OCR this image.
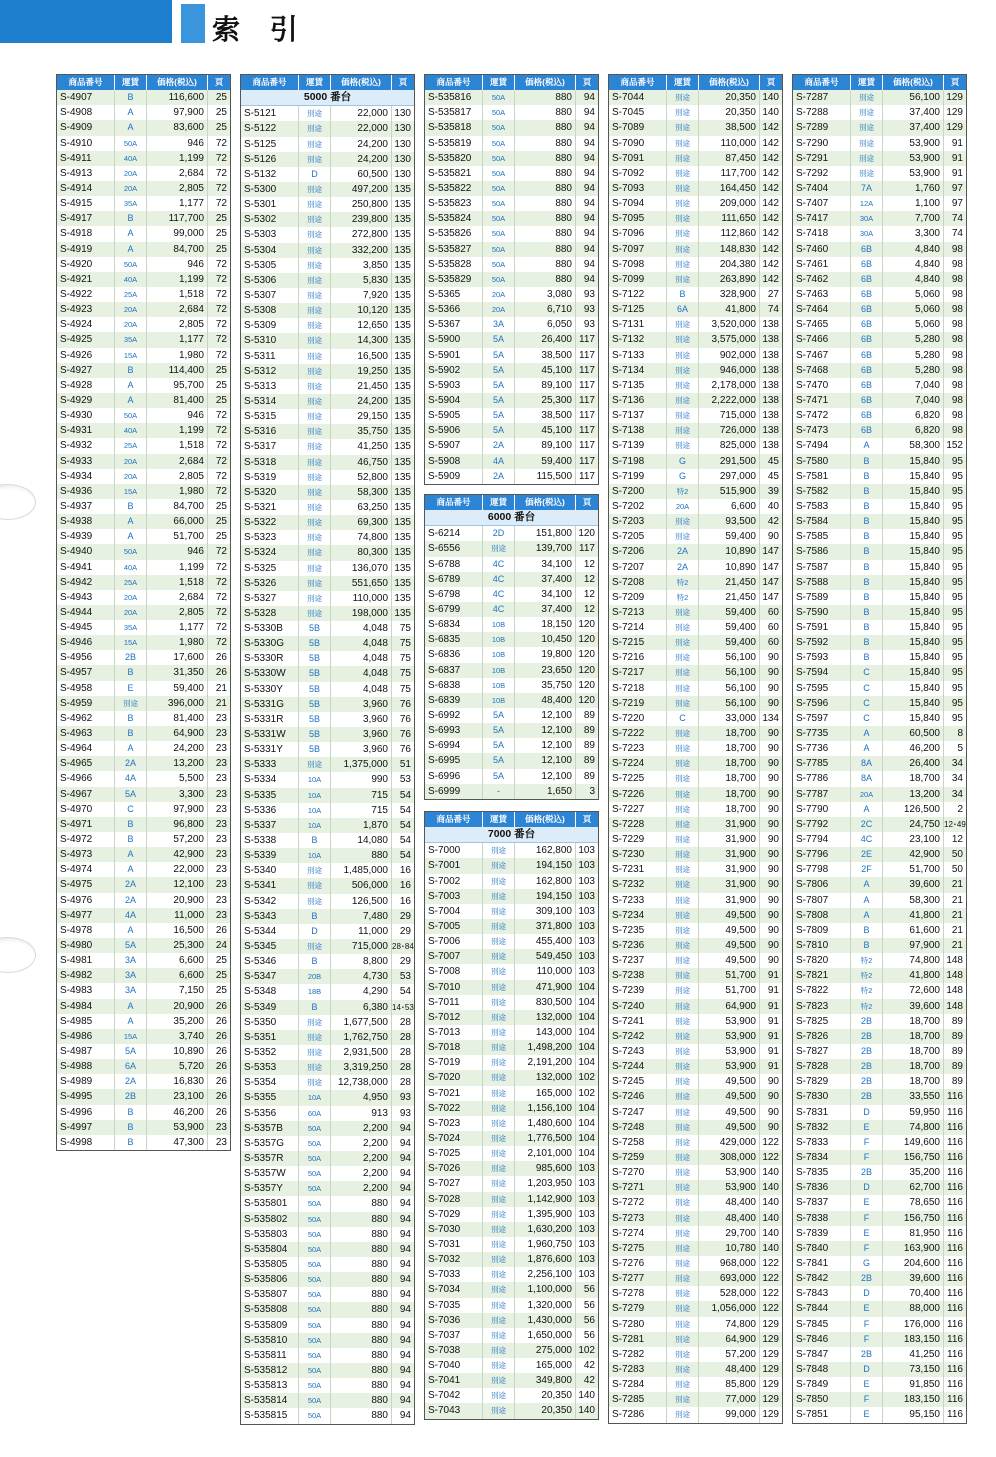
索 引
商品番号	運賃	価格(税込)	頁
S-4907	B	116,600	25
S-4908	A	97,900	25
S-4909	A	83,600	25
S-4910	50A	946	72
S-4911	40A	1,199	72
S-4913	20A	2,684	72
S-4914	20A	2,805	72
S-4915	35A	1,177	72
S-4917	B	117,700	25
S-4918	A	99,000	25
S-4919	A	84,700	25
S-4920	50A	946	72
S-4921	40A	1,199	72
S-4922	25A	1,518	72
S-4923	20A	2,684	72
S-4924	20A	2,805	72
S-4925	35A	1,177	72
S-4926	15A	1,980	72
S-4927	B	114,400	25
S-4928	A	95,700	25
S-4929	A	81,400	25
S-4930	50A	946	72
S-4931	40A	1,199	72
S-4932	25A	1,518	72
S-4933	20A	2,684	72
S-4934	20A	2,805	72
S-4936	15A	1,980	72
S-4937	B	84,700	25
S-4938	A	66,000	25
S-4939	A	51,700	25
S-4940	50A	946	72
S-4941	40A	1,199	72
S-4942	25A	1,518	72
S-4943	20A	2,684	72
S-4944	20A	2,805	72
S-4945	35A	1,177	72
S-4946	15A	1,980	72
S-4956	2B	17,600	26
S-4957	B	31,350	26
S-4958	E	59,400	21
S-4959	別途	396,000	21
S-4962	B	81,400	23
S-4963	B	64,900	23
S-4964	A	24,200	23
S-4965	2A	13,200	23
S-4966	4A	5,500	23
S-4967	5A	3,300	23
S-4970	C	97,900	23
S-4971	B	96,800	23
S-4972	B	57,200	23
S-4973	A	42,900	23
S-4974	A	22,000	23
S-4975	2A	12,100	23
S-4976	2A	20,900	23
S-4977	4A	11,000	23
S-4978	A	16,500	26
S-4980	5A	25,300	24
S-4981	3A	6,600	25
S-4982	3A	6,600	25
S-4983	3A	7,150	25
S-4984	A	20,900	26
S-4985	A	35,200	26
S-4986	15A	3,740	26
S-4987	5A	10,890	26
S-4988	6A	5,720	26
S-4989	2A	16,830	26
S-4995	2B	23,100	26
S-4996	B	46,200	26
S-4997	B	53,900	23
S-4998	B	47,300	23
商品番号	運賃	価格(税込)	頁
5000 番台
S-5121	別途	22,000 130
S-5122	別途	22,000 130
S-5125	別途	24,200 130
S-5126	別途	24,200 130
S-5132	D	60,500 130
S-5300	別途	497,200 135
S-5301	別途	250,800 135
S-5302	別途	239,800 135
S-5303	別途	272,800 135
S-5304	別途	332,200 135
S-5305	別途	3,850 135
S-5306	別途	5,830 135
S-5307	別途	7,920 135
S-5308	別途	10,120 135
S-5309	別途	12,650 135
S-5310	別途	14,300 135
S-5311	別途	16,500 135
S-5312	別途	19,250 135
S-5313	別途	21,450 135
S-5314	別途	24,200 135
S-5315	別途	29,150 135
S-5316	別途	35,750 135
S-5317	別途	41,250 135
S-5318	別途	46,750 135
S-5319	別途	52,800 135
S-5320	別途	58,300 135
S-5321	別途	63,250 135
S-5322	別途	69,300 135
S-5323	別途	74,800 135
S-5324	別途	80,300 135
S-5325	別途	136,070 135
S-5326	別途	551,650 135
S-5327	別途	110,000 135
S-5328	別途	198,000 135
S-5330B	5B	4,048	75
S-5330G	5B	4,048	75
S-5330R	5B	4,048	75
S-5330W	5B	4,048	75
S-5330Y	5B	4,048	75
S-5331G	5B	3,960	76
S-5331R	5B	3,960	76
S-5331W	5B	3,960	76
S-5331Y	5B	3,960	76
S-5333	別途	1,375,000	51
S-5334	10A	990	53
S-5335	10A	715	54
S-5336	10A	715	54
S-5337	10A	1,870	54
S-5338	B	14,080	54
S-5339	10A	880	54
S-5340	別途	1,485,000	16
S-5341	別途	506,000	16
S-5342	別途	126,500	16
S-5343	B	7,480	29
S-5344	D	11,000	29
S-5345	別途	715,000 28･84
S-5346	B	8,800	29
S-5347	20B	4,730	53
S-5348	18B	4,290	54
S-5349	B	6,380 14･53
S-5350	別途	1,677,500	28
S-5351	別途	1,762,750	28
S-5352	別途	2,931,500	28
S-5353	別途	3,319,250	28
S-5354	別途	12,738,000	28
S-5355	10A	4,950	93
S-5356	60A	913	93
S-5357B	50A	2,200	94
S-5357G	50A	2,200	94
S-5357R	50A	2,200	94
S-5357W	50A	2,200	94
S-5357Y	50A	2,200	94
S-535801	50A	880	94
S-535802	50A	880	94
S-535803	50A	880	94
S-535804	50A	880	94
S-535805	50A	880	94
S-535806	50A	880	94
S-535807	50A	880	94
S-535808	50A	880	94
S-535809	50A	880	94
S-535810	50A	880	94
S-535811	50A	880	94
S-535812	50A	880	94
S-535813	50A	880	94
S-535814	50A	880	94
S-535815	50A	880	94
商品番号	運賃	価格(税込)	頁
S-535816	50A	880	94
S-535817	50A	880	94
S-535818	50A	880	94
S-535819	50A	880	94
S-535820	50A	880	94
S-535821	50A	880	94
S-535822	50A	880	94
S-535823	50A	880	94
S-535824	50A	880	94
S-535826	50A	880	94
S-535827	50A	880	94
S-535828	50A	880	94
S-535829	50A	880	94
S-5365	20A	3,080	93
S-5366	20A	6,710	93
S-5367	3A	6,050	93
S-5900	5A	26,400 117
S-5901	5A	38,500 117
S-5902	5A	45,100 117
S-5903	5A	89,100 117
S-5904	5A	25,300 117
S-5905	5A	38,500 117
S-5906	5A	45,100 117
S-5907	2A	89,100 117
S-5908	4A	59,400 117
S-5909	2A	115,500 117
商品番号	運賃	価格(税込)	頁
6000 番台
S-6214	2D	151,800 120
S-6556	別途	139,700 117
S-6788	4C	34,100	12
S-6789	4C	37,400	12
S-6798	4C	34,100	12
S-6799	4C	37,400	12
S-6834	10B	18,150 120
S-6835	10B	10,450 120
S-6836	10B	19,800 120
S-6837	10B	23,650 120
S-6838	10B	35,750 120
S-6839	10B	48,400 120
S-6992	5A	12,100	89
S-6993	5A	12,100	89
S-6994	5A	12,100	89
S-6995	5A	12,100	89
S-6996	5A	12,100	89
S-6999	-	1,650	3
商品番号	運賃	価格(税込)	頁
7000 番台
S-7000	別途	162,800 103
S-7001	別途	194,150 103
S-7002	別途	162,800 103
S-7003	別途	194,150 103
S-7004	別途	309,100 103
S-7005	別途	371,800 103
S-7006	別途	455,400 103
S-7007	別途	549,450 103
S-7008	別途	110,000 103
S-7010	別途	471,900 104
S-7011	別途	830,500 104
S-7012	別途	132,000 104
S-7013	別途	143,000 104
S-7018	別途	1,498,200 104
S-7019	別途	2,191,200 104
S-7020	別途	132,000 102
S-7021	別途	165,000 102
S-7022	別途	1,156,100 104
S-7023	別途	1,480,600 104
S-7024	別途	1,776,500 104
S-7025	別途	2,101,000 104
S-7026	別途	985,600 103
S-7027	別途	1,203,950 103
S-7028	別途	1,142,900 103
S-7029	別途	1,395,900 103
S-7030	別途	1,630,200 103
S-7031	別途	1,960,750 103
S-7032	別途	1,876,600 103
S-7033	別途	2,256,100 103
S-7034	別途	1,100,000	56
S-7035	別途	1,320,000	56
S-7036	別途	1,430,000	56
S-7037	別途	1,650,000	56
S-7038	別途	275,000 102
S-7040	別途	165,000	42
S-7041	別途	349,800	42
S-7042	別途	20,350 140
S-7043	別途	20,350 140
商品番号	運賃	価格(税込)	頁
S-7044	別途	20,350 140
S-7045	別途	20,350 140
S-7089	別途	38,500 142
S-7090	別途	110,000 142
S-7091	別途	87,450 142
S-7092	別途	117,700 142
S-7093	別途	164,450 142
S-7094	別途	209,000 142
S-7095	別途	111,650 142
S-7096	別途	112,860 142
S-7097	別途	148,830 142
S-7098	別途	204,380 142
S-7099	別途	263,890 142
S-7122	B	328,900	27
S-7125	6A	41,800	74
S-7131	別途	3,520,000 138
S-7132	別途	3,575,000 138
S-7133	別途	902,000 138
S-7134	別途	946,000 138
S-7135	別途	2,178,000 138
S-7136	別途	2,222,000 138
S-7137	別途	715,000 138
S-7138	別途	726,000 138
S-7139	別途	825,000 138
S-7198	G	291,500	45
S-7199	G	297,000	45
S-7200	特2	515,900	39
S-7202	20A	6,600	40
S-7203	別途	93,500	42
S-7205	別途	59,400	90
S-7206	2A	10,890 147
S-7207	2A	10,890 147
S-7208	特2	21,450 147
S-7209	特2	21,450 147
S-7213	別途	59,400	60
S-7214	別途	59,400	60
S-7215	別途	59,400	60
S-7216	別途	56,100	90
S-7217	別途	56,100	90
S-7218	別途	56,100	90
S-7219	別途	56,100	90
S-7220	C	33,000 134
S-7222	別途	18,700	90
S-7223	別途	18,700	90
S-7224	別途	18,700	90
S-7225	別途	18,700	90
S-7226	別途	18,700	90
S-7227	別途	18,700	90
S-7228	別途	31,900	90
S-7229	別途	31,900	90
S-7230	別途	31,900	90
S-7231	別途	31,900	90
S-7232	別途	31,900	90
S-7233	別途	31,900	90
S-7234	別途	49,500	90
S-7235	別途	49,500	90
S-7236	別途	49,500	90
S-7237	別途	49,500	90
S-7238	別途	51,700	91
S-7239	別途	51,700	91
S-7240	別途	64,900	91
S-7241	別途	53,900	91
S-7242	別途	53,900	91
S-7243	別途	53,900	91
S-7244	別途	53,900	91
S-7245	別途	49,500	90
S-7246	別途	49,500	90
S-7247	別途	49,500	90
S-7248	別途	49,500	90
S-7258	別途	429,000 122
S-7259	別途	308,000 122
S-7270	別途	53,900 140
S-7271	別途	53,900 140
S-7272	別途	48,400 140
S-7273	別途	48,400 140
S-7274	別途	29,700 140
S-7275	別途	10,780 140
S-7276	別途	968,000 122
S-7277	別途	693,000 122
S-7278	別途	528,000 122
S-7279	別途	1,056,000 122
S-7280	別途	74,800 129
S-7281	別途	64,900 129
S-7282	別途	57,200 129
S-7283	別途	48,400 129
S-7284	別途	85,800 129
S-7285	別途	77,000 129
S-7286	別途	99,000 129
商品番号	運賃	価格(税込)	頁
S-7287	別途	56,100 129
S-7288	別途	37,400 129
S-7289	別途	37,400 129
S-7290	別途	53,900	91
S-7291	別途	53,900	91
S-7292	別途	53,900	91
S-7404	7A	1,760	97
S-7407	12A	1,100	97
S-7417	30A	7,700	74
S-7418	30A	3,300	74
S-7460	6B	4,840	98
S-7461	6B	4,840	98
S-7462	6B	4,840	98
S-7463	6B	5,060	98
S-7464	6B	5,060	98
S-7465	6B	5,060	98
S-7466	6B	5,280	98
S-7467	6B	5,280	98
S-7468	6B	5,280	98
S-7470	6B	7,040	98
S-7471	6B	7,040	98
S-7472	6B	6,820	98
S-7473	6B	6,820	98
S-7494	A	58,300 152
S-7580	B	15,840	95
S-7581	B	15,840	95
S-7582	B	15,840	95
S-7583	B	15,840	95
S-7584	B	15,840	95
S-7585	B	15,840	95
S-7586	B	15,840	95
S-7587	B	15,840	95
S-7588	B	15,840	95
S-7589	B	15,840	95
S-7590	B	15,840	95
S-7591	B	15,840	95
S-7592	B	15,840	95
S-7593	B	15,840	95
S-7594	C	15,840	95
S-7595	C	15,840	95
S-7596	C	15,840	95
S-7597	C	15,840	95
S-7735	A	60,500	8
S-7736	A	46,200	5
S-7785	8A	26,400	34
S-7786	8A	18,700	34
S-7787	20A	13,200	34
S-7790	A	126,500	2
S-7792	2C	24,750 12･49
S-7794	4C	23,100	12
S-7796	2E	42,900	50
S-7798	2F	51,700	50
S-7806	A	39,600	21
S-7807	A	58,300	21
S-7808	A	41,800	21
S-7809	B	61,600	21
S-7810	B	97,900	21
S-7820	特2	74,800 148
S-7821	特2	41,800 148
S-7822	特2	72,600 148
S-7823	特2	39,600 148
S-7825	2B	18,700	89
S-7826	2B	18,700	89
S-7827	2B	18,700	89
S-7828	2B	18,700	89
S-7829	2B	18,700	89
S-7830	2B	33,550 116
S-7831	D	59,950 116
S-7832	E	74,800 116
S-7833	F	149,600 116
S-7834	F	156,750 116
S-7835	2B	35,200 116
S-7836	D	62,700 116
S-7837	E	78,650 116
S-7838	F	156,750 116
S-7839	E	81,950 116
S-7840	F	163,900 116
S-7841	G	204,600 116
S-7842	2B	39,600 116
S-7843	D	70,400 116
S-7844	E	88,000 116
S-7845	F	176,000 116
S-7846	F	183,150 116
S-7847	2B	41,250 116
S-7848	D	73,150 116
S-7849	E	91,850 116
S-7850	F	183,150 116
S-7851	E	95,150 116
